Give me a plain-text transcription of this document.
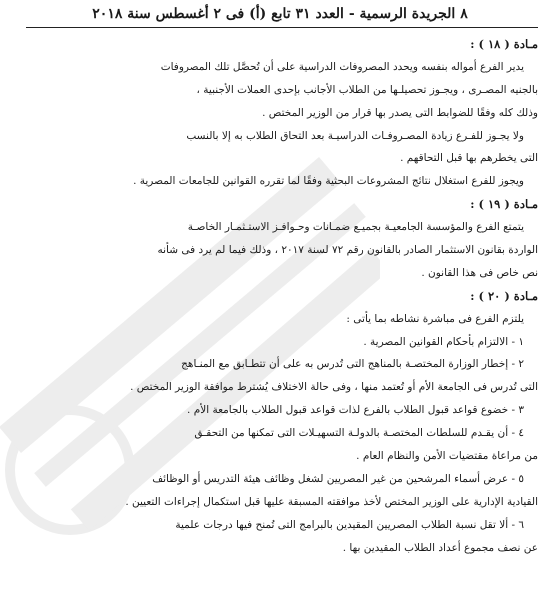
٨ الجريدة الرسمية - العدد ٣١ تابع (أ) فى ٢ أغسطس سنة ٢٠١٨
مـادة ( ١٨ ) :
يدير الفرع أمواله بنفسه ويحدد المصروفات الدراسية على أن تُحصَّل تلك المصروفات
بالجنيه المصـرى ، ويجـوز تحصيلـها من الطلاب الأجانب بإحدى العملات الأجنبية ،
وذلك كله وفقًا للضوابط التى يصدر بها قرار من الوزير المختص .
ولا يجـوز للفـرع زيادة المصـروفـات الدراسيـة بعد التحاق الطلاب به إلا بالنسب
التى يخطرهم بها قبل التحاقهم .
ويجوز للفرع استغلال نتائج المشروعات البحثية وفقًا لما تقرره القوانين للجامعات المصرية .
مـادة ( ١٩ ) :
يتمتع الفرع والمؤسسة الجامعيـة بجميـع ضمـانات وحـوافـز الاستـثمـار الخاصـة
الواردة بقانون الاستثمار الصادر بالقانون رقم ٧٢ لسنة ٢٠١٧ ، وذلك فيما لم يرد فى شأنه
نص خاص فى هذا القانون .
مـادة ( ٢٠ ) :
يلتزم الفرع فى مباشرة نشاطه بما يأتى :
١ - الالتزام بأحكام القوانين المصرية .
٢ - إخطار الوزارة المختصـة بالمناهج التى تُدرس به على أن تتطـابق مع المنـاهج
التى تُدرس فى الجامعة الأم أو تُعتمد منها ، وفى حالة الاختلاف يُشترط موافقة الوزير المختص .
٣ - خضوع قواعد قبول الطلاب بالفرع لذات قواعد قبول الطلاب بالجامعة الأم .
٤ - أن يقـدم للسلطات المختصـة بالدولـة التسهيـلات التى تمكنها من التحقـق
من مراعاة مقتضيات الأمن والنظام العام .
٥ - عرض أسماء المرشحين من غير المصريين لشغل وظائف هيئة التدريس أو الوظائف
القيادية الإدارية على الوزير المختص لأخذ موافقته المسبقة عليها قبل استكمال إجراءات التعيين .
٦ - ألا تقل نسبة الطلاب المصريين المقيدين بالبرامج التى تُمنح فيها درجات علمية
عن نصف مجموع أعداد الطلاب المقيدين بها .
